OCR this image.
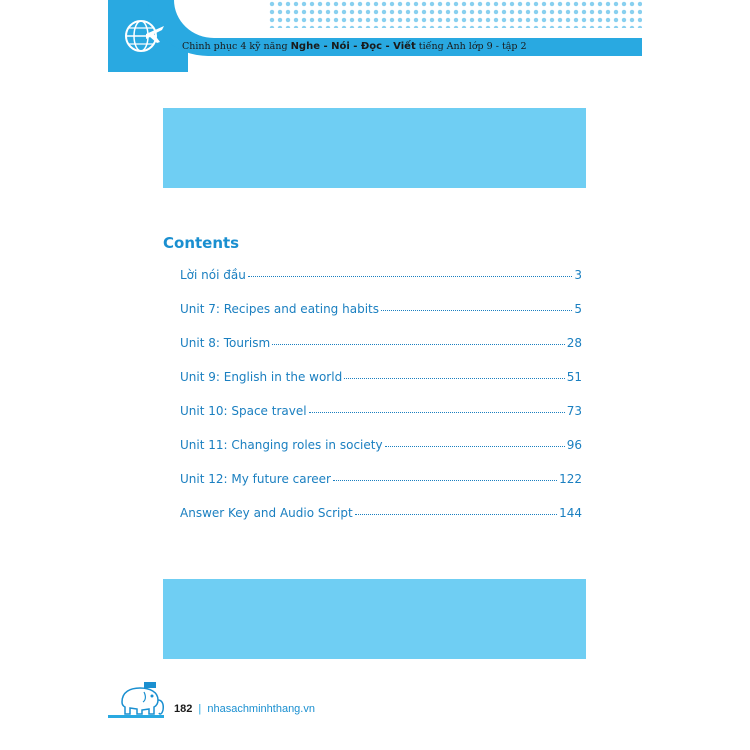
Chinh phục 4 kỹ năng Nghe - Nói - Đọc - Viết tiếng Anh lớp 9 - tập 2
Contents
Lời nói đầu	3
Unit 7: Recipes and eating habits	5
Unit 8: Tourism	28
Unit 9: English in the world	51
Unit 10: Space travel	73
Unit 11: Changing roles in society	96
Unit 12: My future career	122
Answer Key and Audio Script	144
182 | nhasachminhthang.vn
